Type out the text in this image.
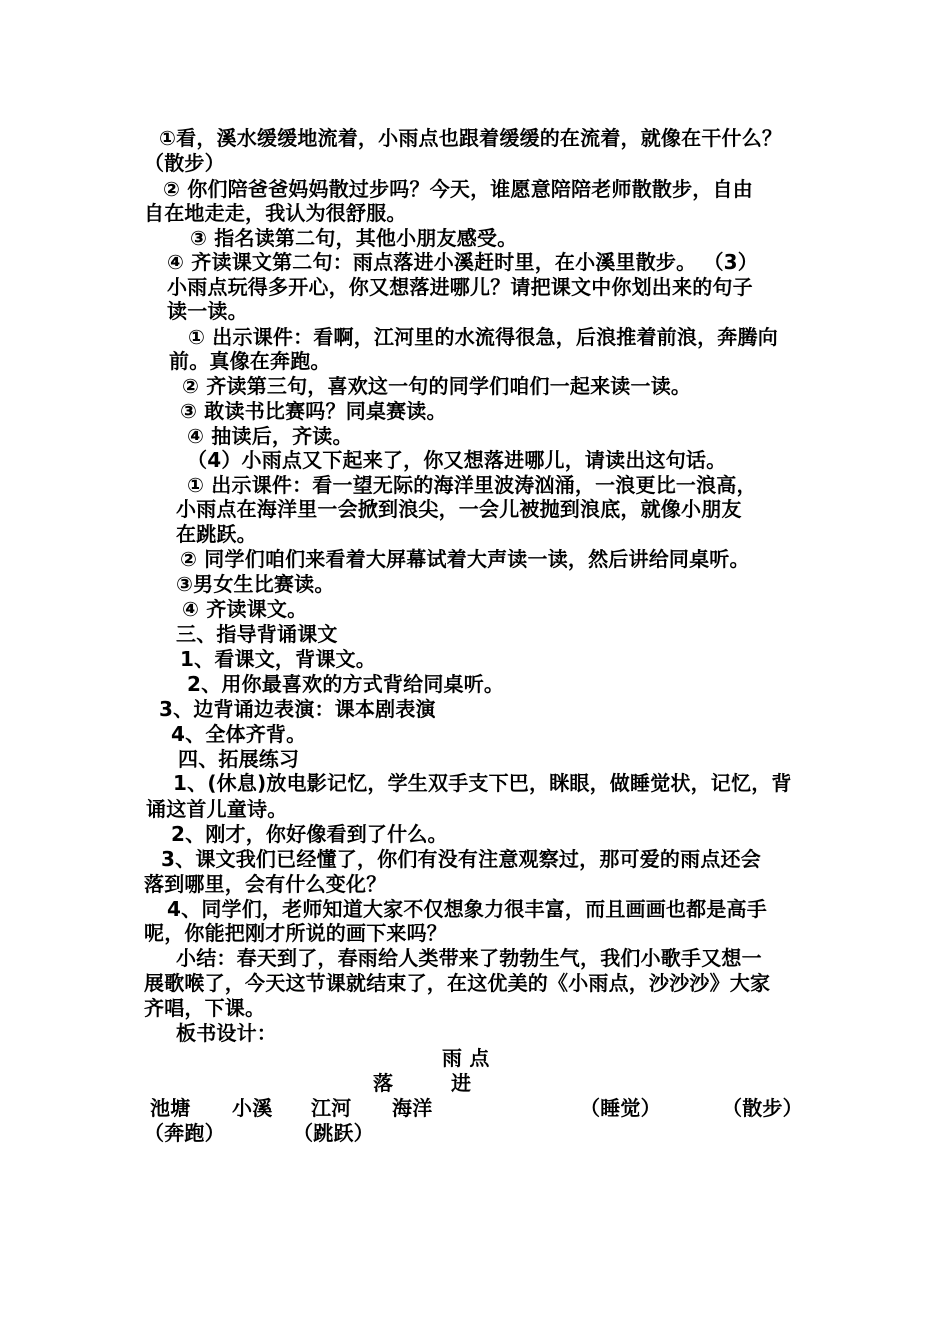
①看，溪水缓缓地流着，小雨点也跟着缓缓的在流着，就像在干什么？
（散步）
② 你们陪爸爸妈妈散过步吗？今天，谁愿意陪陪老师散散步，自由
自在地走走，我认为很舒服。
③ 指名读第二句，其他小朋友感受。
④ 齐读课文第二句：雨点落进小溪赶时里，在小溪里散步。 （3）
小雨点玩得多开心，你又想落进哪儿？请把课文中你划出来的句子
读一读。
① 出示课件：看啊，江河里的水流得很急，后浪推着前浪，奔腾向
前。真像在奔跑。
② 齐读第三句，喜欢这一句的同学们咱们一起来读一读。
③ 敢读书比赛吗？同桌赛读。
④ 抽读后，齐读。
（4）小雨点又下起来了，你又想落进哪儿，请读出这句话。
① 出示课件：看一望无际的海洋里波涛汹涌，一浪更比一浪高，
小雨点在海洋里一会掀到浪尖，一会儿被抛到浪底，就像小朋友
在跳跃。
② 同学们咱们来看着大屏幕试着大声读一读，然后讲给同桌听。
③男女生比赛读。
④ 齐读课文。
三、指导背诵课文
1、看课文，背课文。
2、用你最喜欢的方式背给同桌听。
3、边背诵边表演：课本剧表演
4、全体齐背。
四、拓展练习
1、(休息)放电影记忆，学生双手支下巴，眯眼，做睡觉状，记忆，背
诵这首儿童诗。
2、刚才，你好像看到了什么。
3、课文我们已经懂了，你们有没有注意观察过，那可爱的雨点还会
落到哪里，会有什么变化？
4、同学们，老师知道大家不仅想象力很丰富，而且画画也都是高手
呢，你能把刚才所说的画下来吗？
小结：春天到了，春雨给人类带来了勃勃生气，我们小歌手又想一
展歌喉了，今天这节课就结束了，在这优美的《小雨点，沙沙沙》大家
齐唱，下课。
板书设计：
雨 点
落	进
池塘 小溪 江河 海洋	（睡觉）	（散步）
（奔跑）	（跳跃）
